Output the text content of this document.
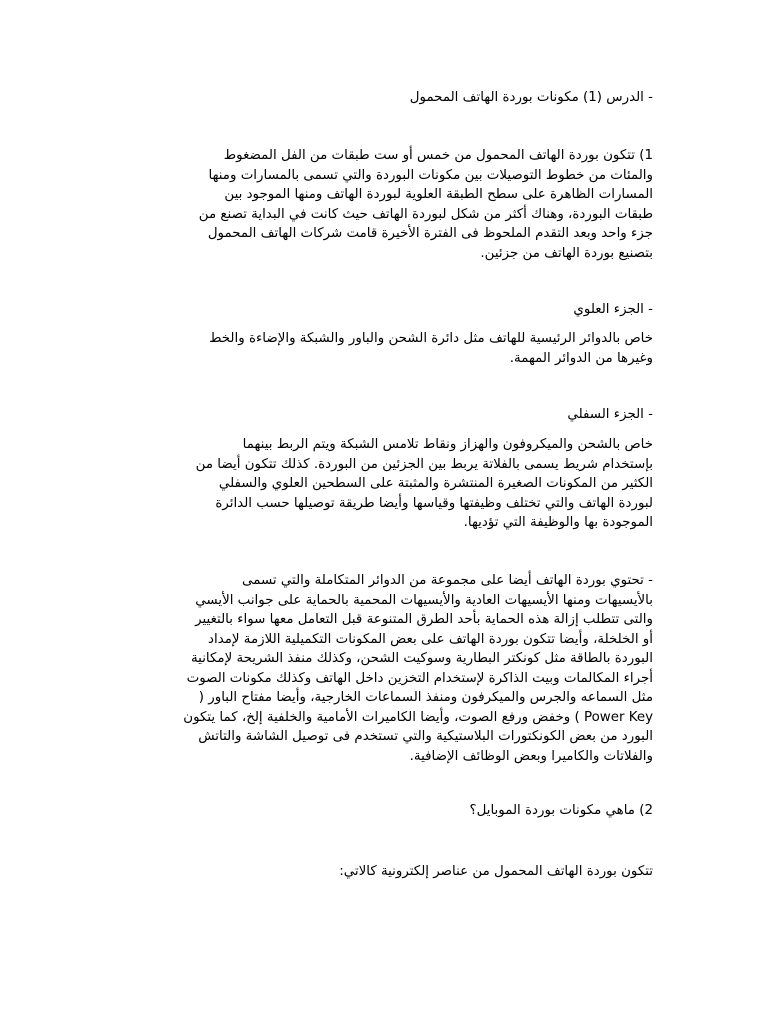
- الدرس (1) مكونات بوردة الهاتف المحمول
1) تتكون بوردة الهاتف المحمول من خمس أو ست طبقات من الفل المضغوط
والمئات من خطوط التوصيلات بين مكونات البوردة والتي تسمى بالمسارات ومنها
المسارات الظاهرة على سطح الطبقة العلوية لبوردة الهاتف ومنها الموجود بين
طبقات البوردة، وهناك أكثر من شكل لبوردة الهاتف حيث كانت في البداية تصنع من
جزء واحد وبعد التقدم الملحوظ فى الفترة الأخيرة قامت شركات الهاتف المحمول
بتصنيع بوردة الهاتف من جزئين.
- الجزء العلوي
خاص بالدوائر الرئيسية للهاتف مثل دائرة الشحن والباور والشبكة والإضاءة والخط
وغيرها من الدوائر المهمة.
- الجزء السفلي
خاص بالشحن والميكروفون والهزاز ونقاط تلامس الشبكة ويتم الربط بينهما
بإستخدام شريط يسمى بالفلاتة يربط بين الجزئين من البوردة. كذلك تتكون أيضا من
الكثير من المكونات الصغيرة المنتشرة والمثبتة على السطحين العلوي والسفلي
لبوردة الهاتف والتي تختلف وظيفتها وقياسها وأيضا طريقة توصيلها حسب الدائرة
الموجودة بها والوظيفة التي تؤديها.
- تحتوي بوردة الهاتف أيضا على مجموعة من الدوائر المتكاملة والتي تسمى
بالأيسيهات ومنها الأيسيهات العادية والأيسيهات المحمية بالحماية على جوانب الأيسي
والتى تتطلب إزالة هذه الحماية بأحد الطرق المتنوعة قبل التعامل معها سواء بالتغيير
أو الخلخلة، وأيضا تتكون بوردة الهاتف على بعض المكونات التكميلية اللازمة لإمداد
البوردة بالطاقة مثل كونكتر البطارية وسوكيت الشحن، وكذلك منفذ الشريحة لإمكانية
أجراء المكالمات وبيت الذاكرة لإستخدام التخزين داخل الهاتف وكذلك مكونات الصوت
مثل السماعه والجرس والميكرفون ومنفذ السماعات الخارجية، وأيضا مفتاح الباور (
Power Key ) وخفض ورفع الصوت، وأيضا الكاميرات الأمامية والخلفية إلخ، كما يتكون
البورد من بعض الكونكتورات البلاستيكية والتي تستخدم فى توصيل الشاشة والتاتش
والفلاتات والكاميرا وبعض الوظائف الإضافية.
2) ماهي مكونات بوردة الموبايل؟
تتكون بوردة الهاتف المحمول من عناصر إلكترونية كالاتي:
